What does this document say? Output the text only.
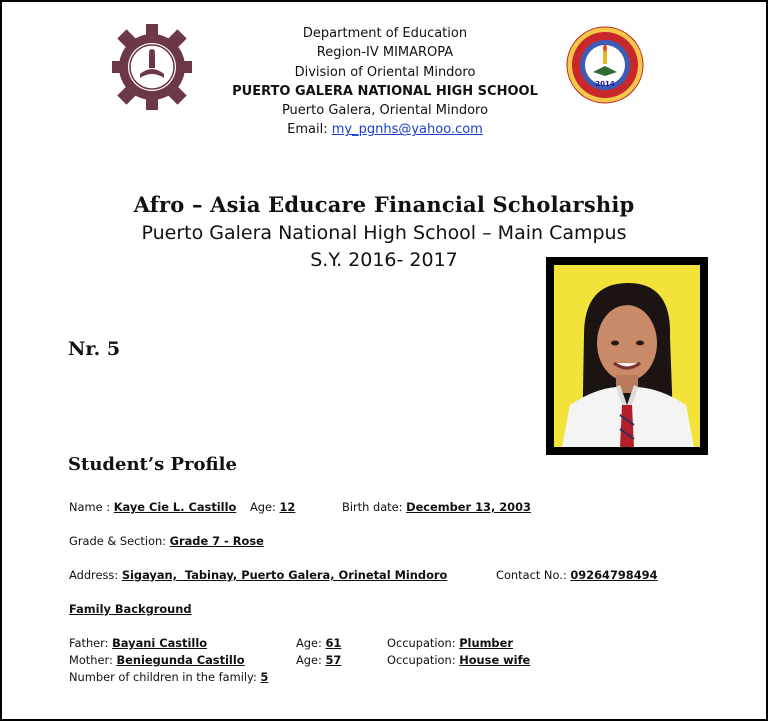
Department of Education
Region-IV MIMAROPA
Division of Oriental Mindoro
PUERTO GALERA NATIONAL HIGH SCHOOL
Puerto Galera, Oriental Mindoro
Email: my_pgnhs@yahoo.com
2014
Afro – Asia Educare Financial Scholarship
Puerto Galera National High School – Main Campus
S.Y. 2016- 2017
Nr. 5
Student’s Profile
Name : Kaye Cie L. Castillo Age: 12	Birth date: December 13, 2003
Grade & Section: Grade 7 - Rose
Address: Sigayan,  Tabinay, Puerto Galera, Orinetal Mindoro	Contact No.: 09264798494
Family Background
Father: Bayani Castillo	Age: 61	Occupation: Plumber
Mother: Beniegunda Castillo	Age: 57	Occupation: House wife
Number of children in the family: 5
